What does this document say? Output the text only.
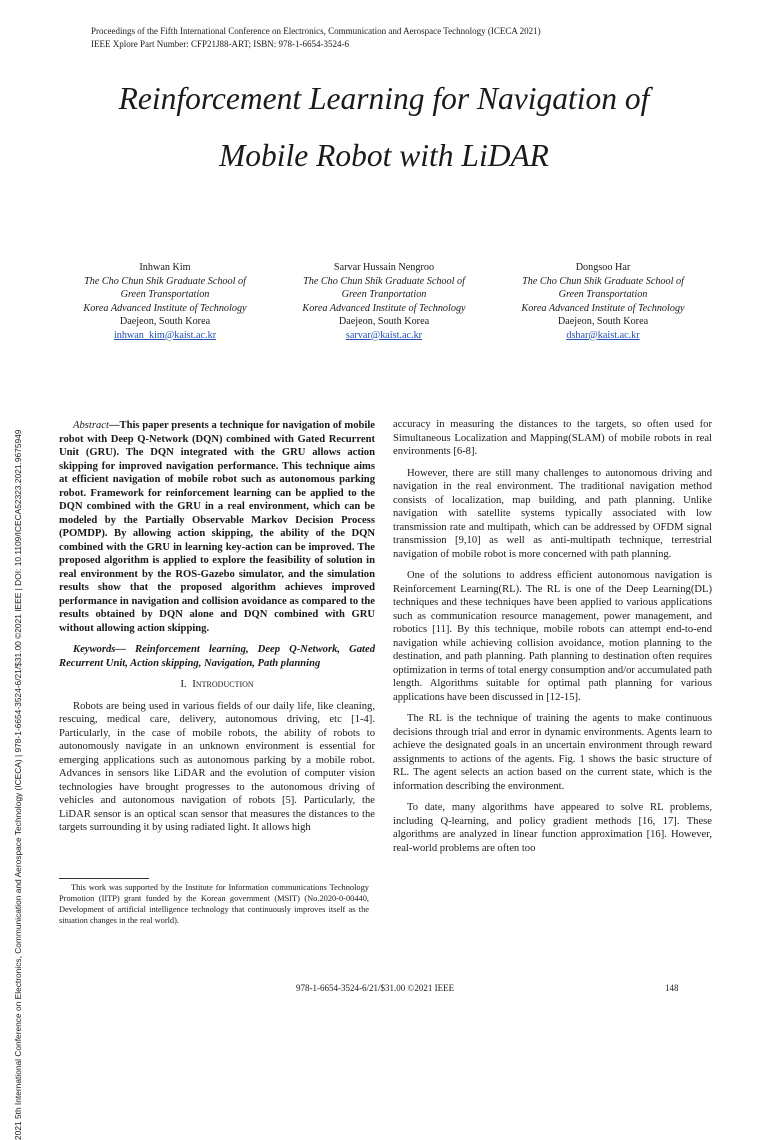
Proceedings of the Fifth International Conference on Electronics, Communication and Aerospace Technology (ICECA 2021)
IEEE Xplore Part Number: CFP21J88-ART; ISBN: 978-1-6654-3524-6
Reinforcement Learning for Navigation of
Mobile Robot with LiDAR
2021 5th International Conference on Electronics, Communication and Aerospace Technology (ICECA) | 978-1-6654-3524-6/21/$31.00 ©2021 IEEE | DOI: 10.1109/ICECA52323.2021.9675949
Inhwan Kim
The Cho Chun Shik Graduate School of
Green Transportation
Korea Advanced Institute of Technology
Daejeon, South Korea
inhwan_kim@kaist.ac.kr
Sarvar Hussain Nengroo
The Cho Chun Shik Graduate School of
Green Tranportation
Korea Advanced Institute of Technology
Daejeon, South Korea
sarvar@kaist.ac.kr
Dongsoo Har
The Cho Chun Shik Graduate School of
Green Transportation
Korea Advanced Institute of Technology
Daejeon, South Korea
dshar@kaist.ac.kr

Abstract—This paper presents a technique for navigation of mobile robot with Deep Q-Network (DQN) combined with Gated Recurrent Unit (GRU). The DQN integrated with the GRU allows action skipping for improved navigation performance. This technique aims at efficient navigation of mobile robot such as autonomous parking robot. Framework for reinforcement learning can be applied to the DQN combined with the GRU in a real environment, which can be modeled by the Partially Observable Markov Decision Process (POMDP). By allowing action skipping, the ability of the DQN combined with the GRU in learning key-action can be improved. The proposed algorithm is applied to explore the feasibility of solution in real environment by the ROS-Gazebo simulator, and the simulation results show that the proposed algorithm achieves improved performance in navigation and collision avoidance as compared to the results obtained by DQN alone and DQN combined with GRU without allowing action skipping.

Keywords— Reinforcement learning, Deep Q-Network, Gated Recurrent Unit, Action skipping, Navigation, Path planning

I. Introduction

Robots are being used in various fields of our daily life, like cleaning, rescuing, medical care, delivery, autonomous driving, etc [1-4]. Particularly, in the case of mobile robots, the ability of robots to autonomously navigate in an unknown environment is essential for emerging applications such as autonomous parking by a mobile robot. Advances in sensors like LiDAR and the evolution of computer vision technologies have brought progresses to the autonomous driving of vehicles and autonomous navigation of robots [5]. Particularly, the LiDAR sensor is an optical scan sensor that measures the distances to the targets surrounding it by using radiated light. It allows high

This work was supported by the Institute for Information communications Technology Promotion (IITP) grant funded by the Korean government (MSIT) (No.2020-0-00440, Development of artificial intelligence technology that continuously improves itself as the situation changes in the real world).

accuracy in measuring the distances to the targets, so often used for Simultaneous Localization and Mapping(SLAM) of mobile robots in real environments [6-8].

However, there are still many challenges to autonomous driving and navigation in the real environment. The traditional navigation method consists of localization, map building, and path planning. Unlike navigation with satellite systems typically associated with low transmission rate and multipath, which can be addressed by OFDM signal transmission [9,10] as well as anti-multipath technique, terrestrial navigation of mobile robot is more concerned with path planning.

One of the solutions to address efficient autonomous navigation is Reinforcement Learning(RL). The RL is one of the Deep Learning(DL) techniques and these techniques have been applied to various applications such as communication resource management, power management, and robotics [11]. By this technique, mobile robots can attempt end-to-end navigation while achieving collision avoidance, motion planning to the destination, and path planning. Path planning to destination often requires optimization in terms of total energy consumption and/or accumulated path length. Algorithms suitable for optimal path planning for various applications have been discussed in [12-15].

The RL is the technique of training the agents to make continuous decisions through trial and error in dynamic environments. Agents learn to achieve the designated goals in an uncertain environment through reward assignments to actions of the agents. Fig. 1 shows the basic structure of RL. The agent selects an action based on the current state, which is the information describing the environment.

To date, many algorithms have appeared to solve RL problems, including Q-learning, and policy gradient methods [16, 17]. These algorithms are analyzed in linear function approximation [16]. However, real-world problems are often too

978-1-6654-3524-6/21/$31.00 ©2021 IEEE	148
